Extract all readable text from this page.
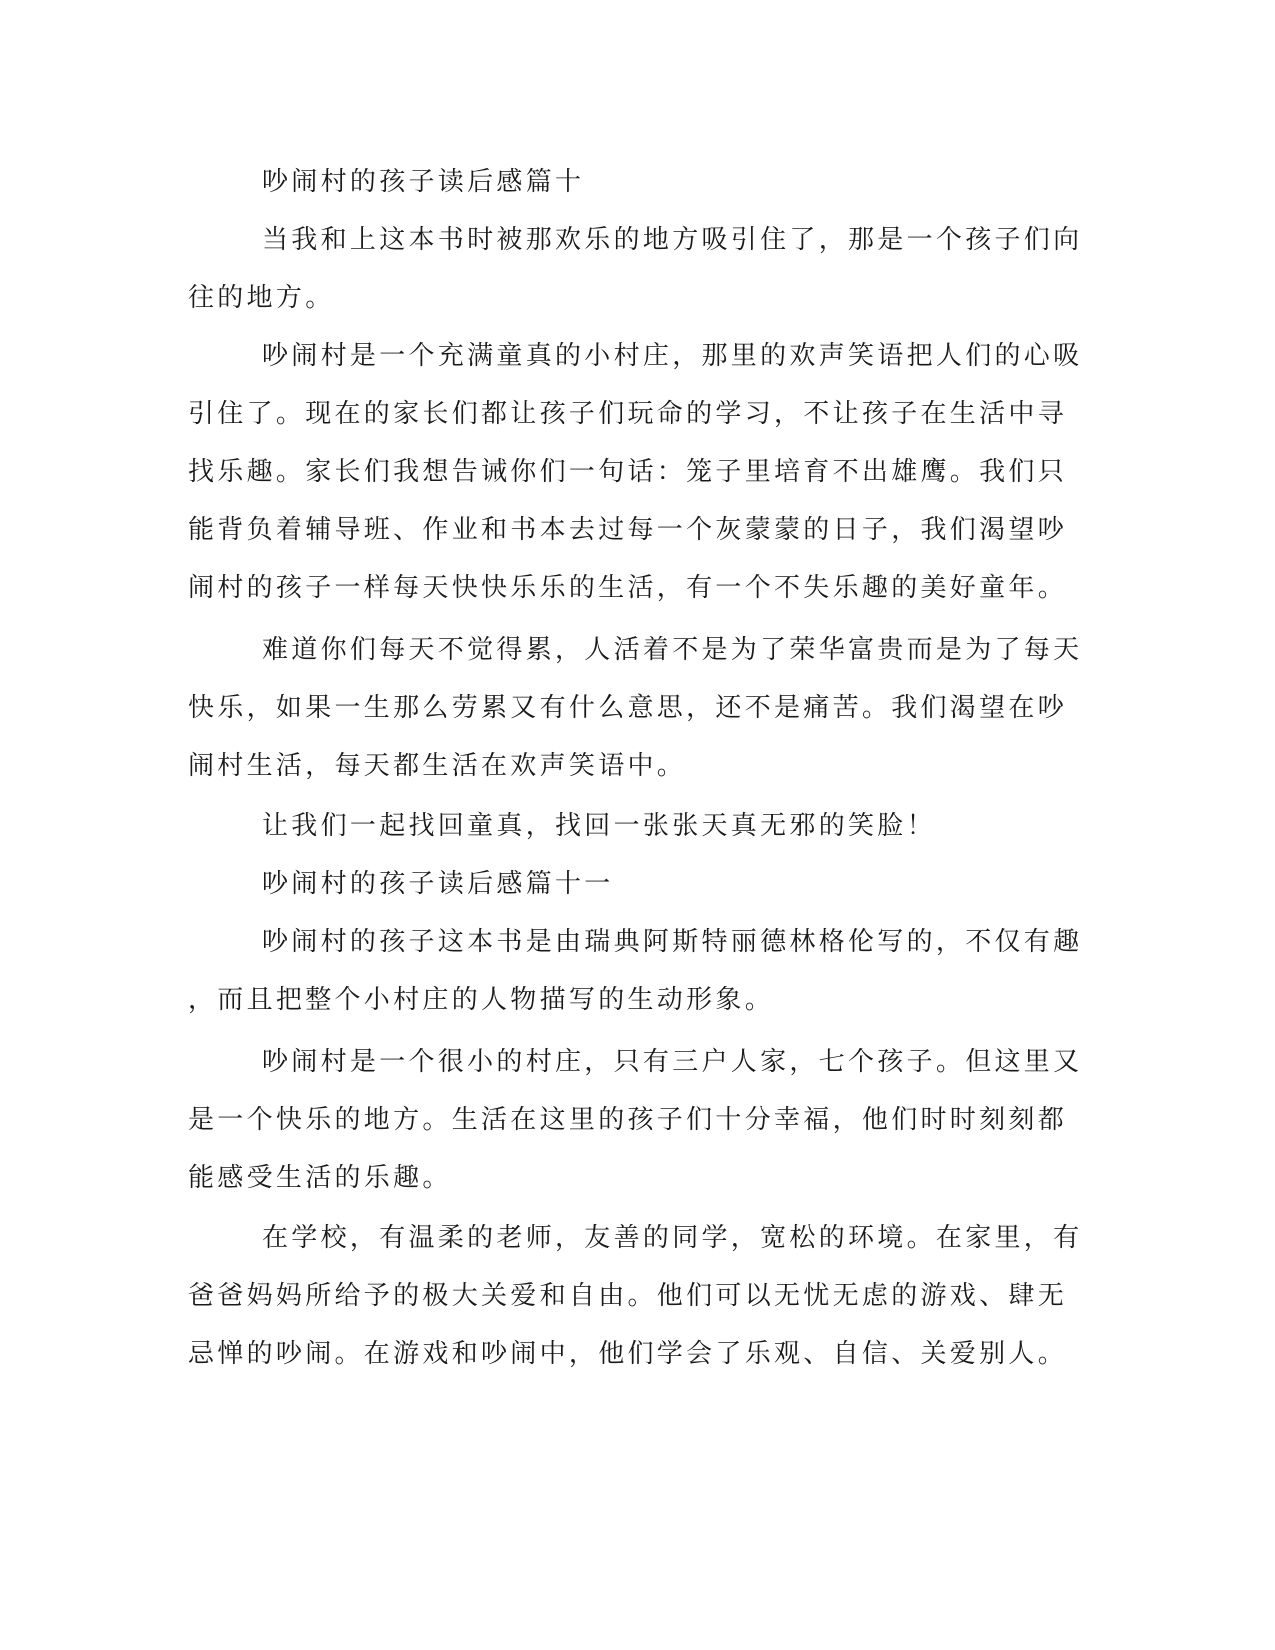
吵闹村的孩子读后感篇十
当我和上这本书时被那欢乐的地方吸引住了，那是一个孩子们向
往的地方。
吵闹村是一个充满童真的小村庄，那里的欢声笑语把人们的心吸
引住了。现在的家长们都让孩子们玩命的学习，不让孩子在生活中寻
找乐趣。家长们我想告诫你们一句话：笼子里培育不出雄鹰。我们只
能背负着辅导班、作业和书本去过每一个灰蒙蒙的日子，我们渴望吵
闹村的孩子一样每天快快乐乐的生活，有一个不失乐趣的美好童年。
难道你们每天不觉得累，人活着不是为了荣华富贵而是为了每天
快乐，如果一生那么劳累又有什么意思，还不是痛苦。我们渴望在吵
闹村生活，每天都生活在欢声笑语中。
让我们一起找回童真，找回一张张天真无邪的笑脸！
吵闹村的孩子读后感篇十一
吵闹村的孩子这本书是由瑞典阿斯特丽德林格伦写的，不仅有趣
，而且把整个小村庄的人物描写的生动形象。
吵闹村是一个很小的村庄，只有三户人家，七个孩子。但这里又
是一个快乐的地方。生活在这里的孩子们十分幸福，他们时时刻刻都
能感受生活的乐趣。
在学校，有温柔的老师，友善的同学，宽松的环境。在家里，有
爸爸妈妈所给予的极大关爱和自由。他们可以无忧无虑的游戏、肆无
忌惮的吵闹。在游戏和吵闹中，他们学会了乐观、自信、关爱别人。
